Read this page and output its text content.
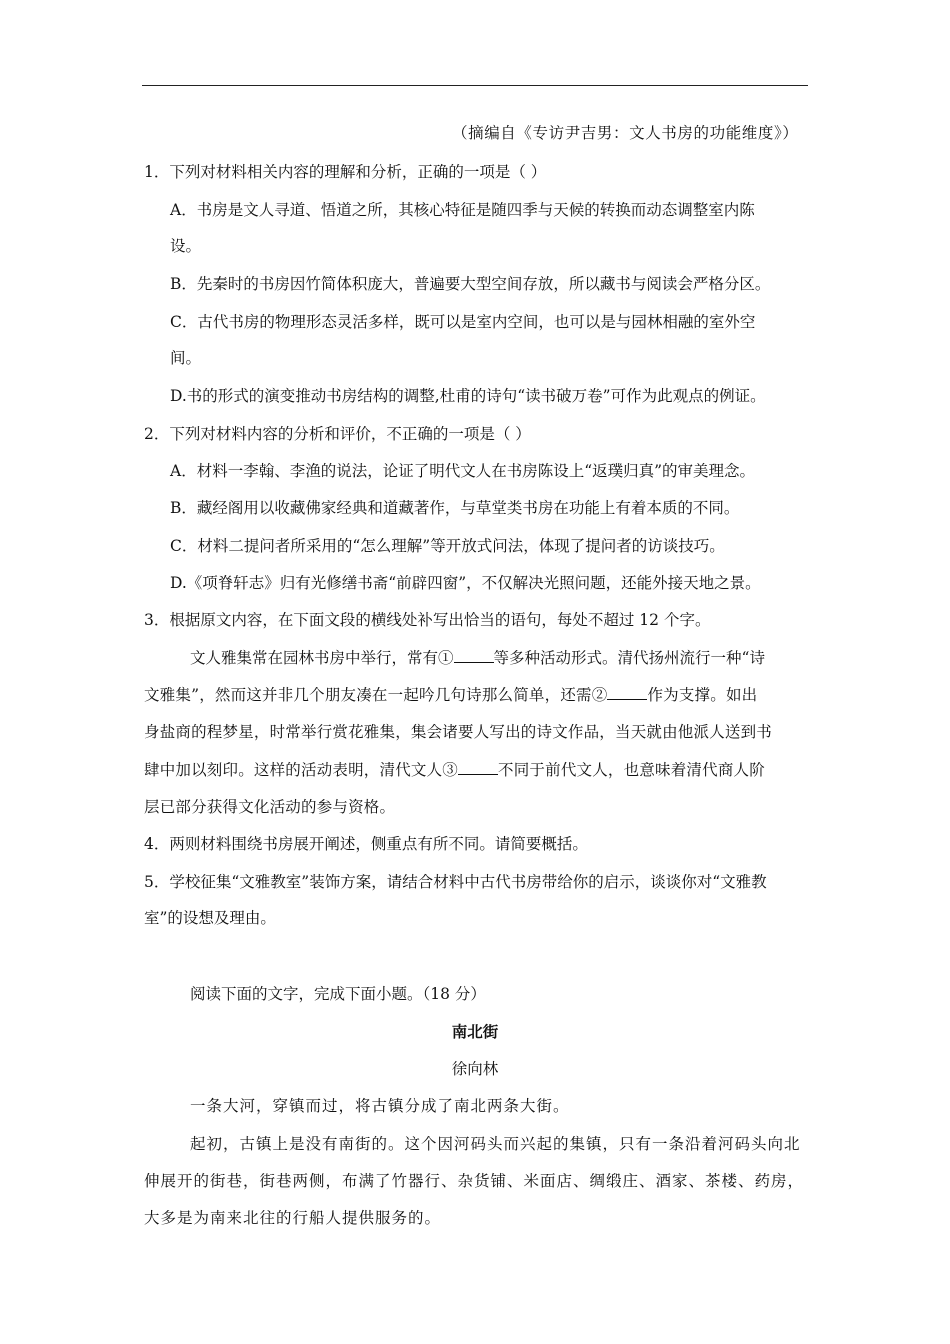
（摘编自《专访尹吉男：文人书房的功能维度》）
1．下列对材料相关内容的理解和分析，正确的一项是（ ）
A．书房是文人寻道、悟道之所，其核心特征是随四季与天候的转换而动态调整室内陈
设。
B．先秦时的书房因竹简体积庞大，普遍要大型空间存放，所以藏书与阅读会严格分区。
C．古代书房的物理形态灵活多样，既可以是室内空间，也可以是与园林相融的室外空
间。
D.书的形式的演变推动书房结构的调整,杜甫的诗句“读书破万卷”可作为此观点的例证。
2．下列对材料内容的分析和评价，不正确的一项是（ ）
A．材料一李翰、李渔的说法，论证了明代文人在书房陈设上“返璞归真”的审美理念。
B．藏经阁用以收藏佛家经典和道藏著作，与草堂类书房在功能上有着本质的不同。
C．材料二提问者所采用的“怎么理解”等开放式问法，体现了提问者的访谈技巧。
D.《项脊轩志》归有光修缮书斋“前辟四窗”，不仅解决光照问题，还能外接天地之景。
3．根据原文内容，在下面文段的横线处补写出恰当的语句，每处不超过 12 个字。
文人雅集常在园林书房中举行，常有①	等多种活动形式。清代扬州流行一种“诗
文雅集”，然而这并非几个朋友凑在一起吟几句诗那么简单，还需②	作为支撑。如出
身盐商的程梦星，时常举行赏花雅集，集会诸要人写出的诗文作品，当天就由他派人送到书
肆中加以刻印。这样的活动表明，清代文人③	不同于前代文人，也意味着清代商人阶
层已部分获得文化活动的参与资格。
4．两则材料围绕书房展开阐述，侧重点有所不同。请简要概括。
5．学校征集“文雅教室”装饰方案，请结合材料中古代书房带给你的启示，谈谈你对“文雅教
室”的设想及理由。
阅读下面的文字，完成下面小题。（18 分）
南北街
徐向林
一条大河，穿镇而过，将古镇分成了南北两条大街。
起初，古镇上是没有南街的。这个因河码头而兴起的集镇，只有一条沿着河码头向北
伸展开的街巷，街巷两侧，布满了竹器行、杂货铺、米面店、绸缎庄、酒家、茶楼、药房，
大多是为南来北往的行船人提供服务的。
